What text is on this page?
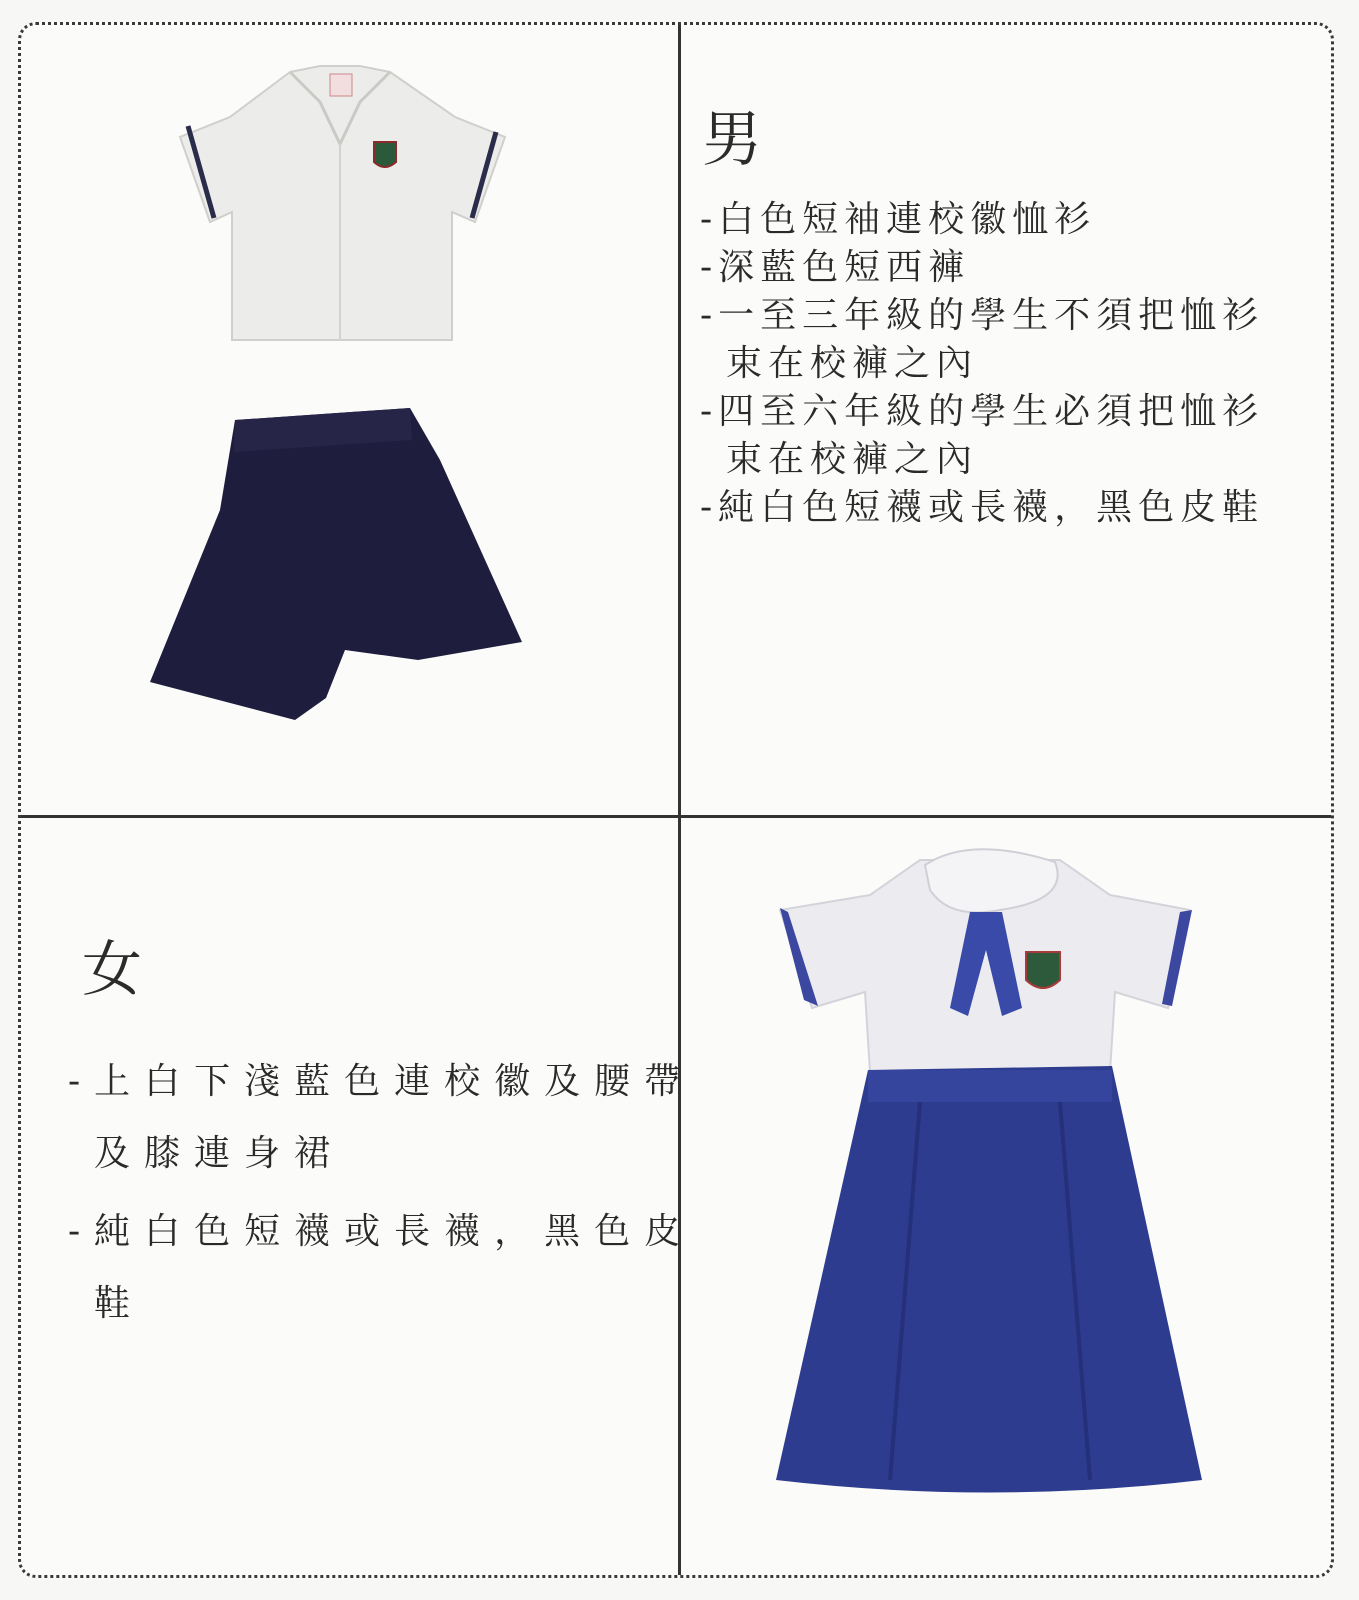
男
-白色短袖連校徽恤衫
-深藍色短西褲
-一至三年級的學生不須把恤衫
束在校褲之內
-四至六年級的學生必須把恤衫
束在校褲之內
-純白色短襪或長襪，黑色皮鞋
女
-上白下淺藍色連校徽及腰帶
及膝連身裙
-純白色短襪或長襪，黑色皮
鞋
